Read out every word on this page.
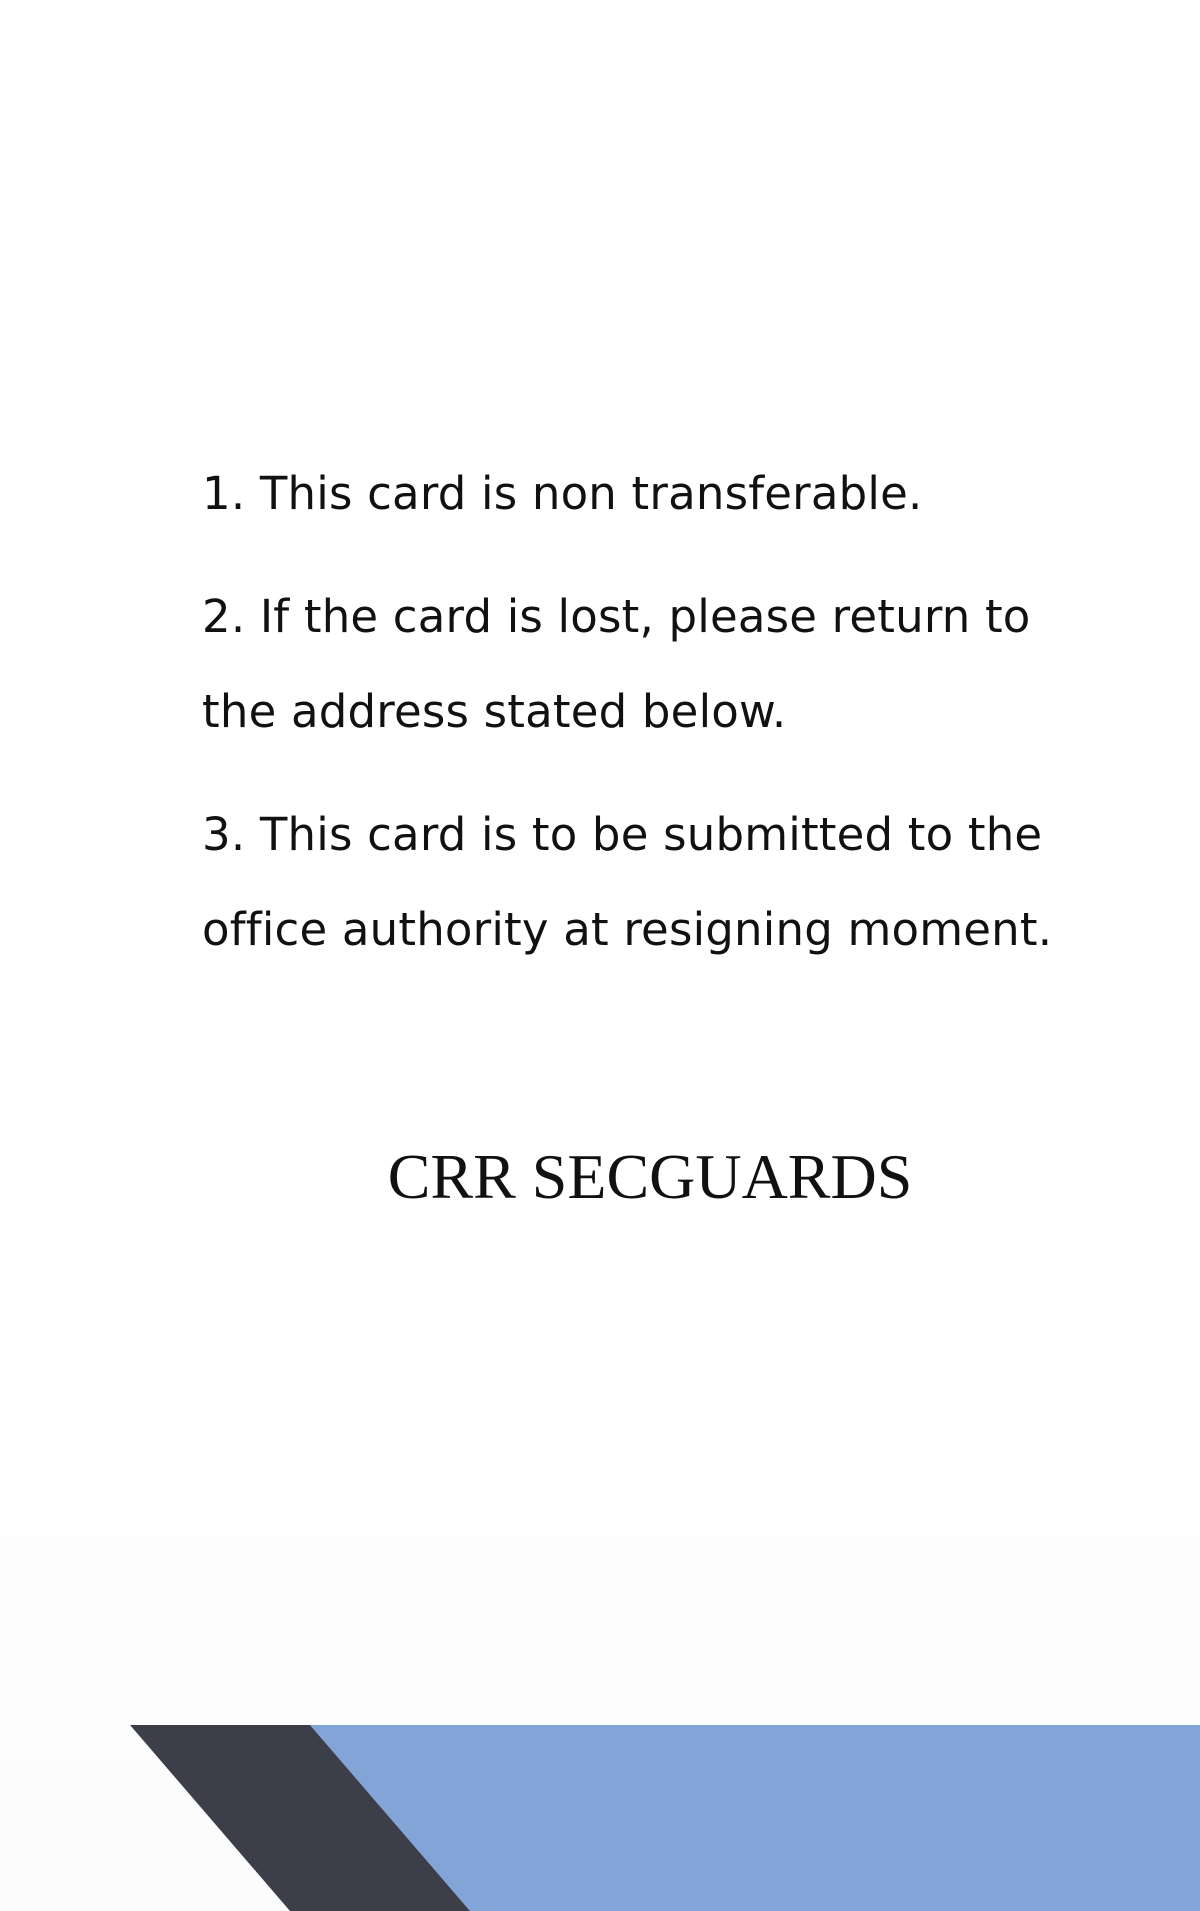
1. This card is non transferable.
2. If the card is lost, please return to
the address stated below.
3. This card is to be submitted to the
office authority at resigning moment.
CRR SECGUARDS
